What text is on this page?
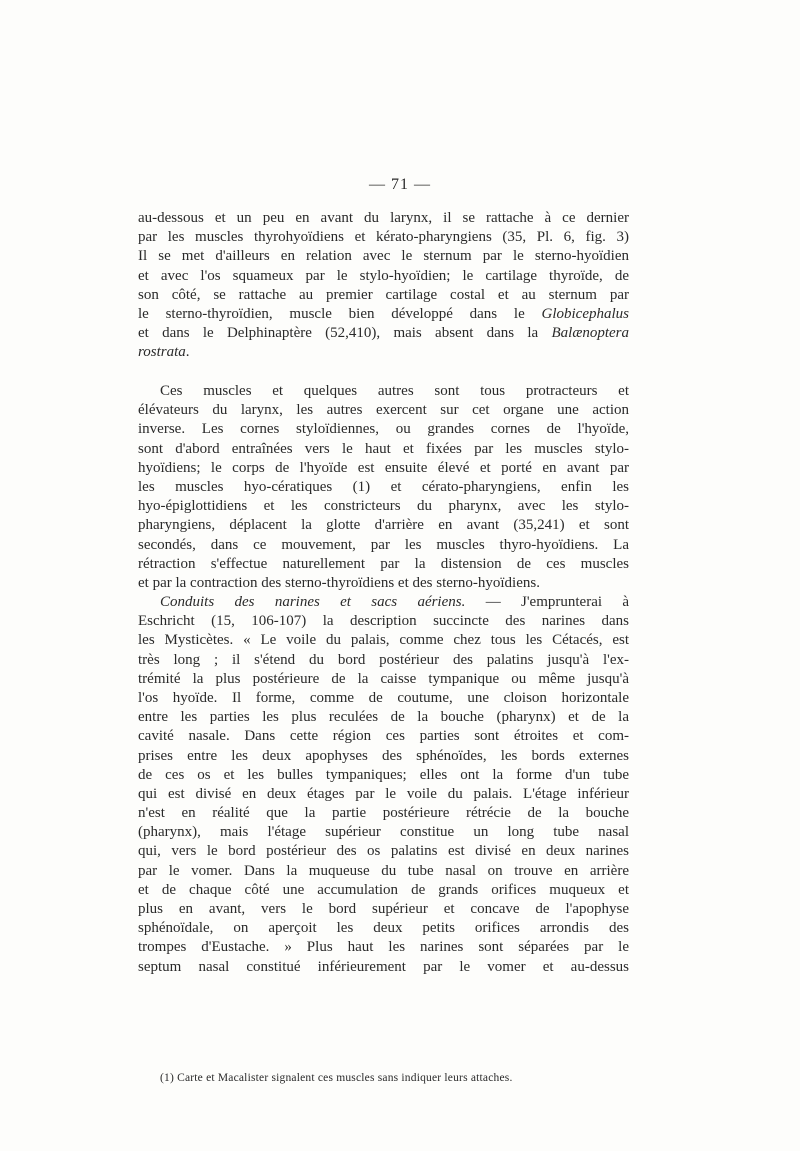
— 71 —
au-dessous et un peu en avant du larynx, il se rattache à ce dernier
par les muscles thyrohyoïdiens et kérato-pharyngiens (35, Pl. 6, fig. 3)
Il se met d'ailleurs en relation avec le sternum par le sterno-hyoïdien
et avec l'os squameux par le stylo-hyoïdien; le cartilage thyroïde, de
son côté, se rattache au premier cartilage costal et au sternum par
le sterno-thyroïdien, muscle bien développé dans le Globicephalus
et dans le Delphinaptère (52,410), mais absent dans la Balænoptera
rostrata.
Ces muscles et quelques autres sont tous protracteurs et
élévateurs du larynx, les autres exercent sur cet organe une action
inverse. Les cornes styloïdiennes, ou grandes cornes de l'hyoïde,
sont d'abord entraînées vers le haut et fixées par les muscles stylo-
hyoïdiens; le corps de l'hyoïde est ensuite élevé et porté en avant par
les muscles hyo-cératiques (1) et cérato-pharyngiens, enfin les
hyo-épiglottidiens et les constricteurs du pharynx, avec les stylo-
pharyngiens, déplacent la glotte d'arrière en avant (35,241) et sont
secondés, dans ce mouvement, par les muscles thyro-hyoïdiens. La
rétraction s'effectue naturellement par la distension de ces muscles
et par la contraction des sterno-thyroïdiens et des sterno-hyoïdiens.
Conduits des narines et sacs aériens. — J'emprunterai à
Eschricht (15, 106-107) la description succincte des narines dans
les Mysticètes. « Le voile du palais, comme chez tous les Cétacés, est
très long ; il s'étend du bord postérieur des palatins jusqu'à l'ex-
trémité la plus postérieure de la caisse tympanique ou même jusqu'à
l'os hyoïde. Il forme, comme de coutume, une cloison horizontale
entre les parties les plus reculées de la bouche (pharynx) et de la
cavité nasale. Dans cette région ces parties sont étroites et com-
prises entre les deux apophyses des sphénoïdes, les bords externes
de ces os et les bulles tympaniques; elles ont la forme d'un tube
qui est divisé en deux étages par le voile du palais. L'étage inférieur
n'est en réalité que la partie postérieure rétrécie de la bouche
(pharynx), mais l'étage supérieur constitue un long tube nasal
qui, vers le bord postérieur des os palatins est divisé en deux narines
par le vomer. Dans la muqueuse du tube nasal on trouve en arrière
et de chaque côté une accumulation de grands orifices muqueux et
plus en avant, vers le bord supérieur et concave de l'apophyse
sphénoïdale, on aperçoit les deux petits orifices arrondis des
trompes d'Eustache. » Plus haut les narines sont séparées par le
septum nasal constitué inférieurement par le vomer et au-dessus
(1) Carte et Macalister signalent ces muscles sans indiquer leurs attaches.
